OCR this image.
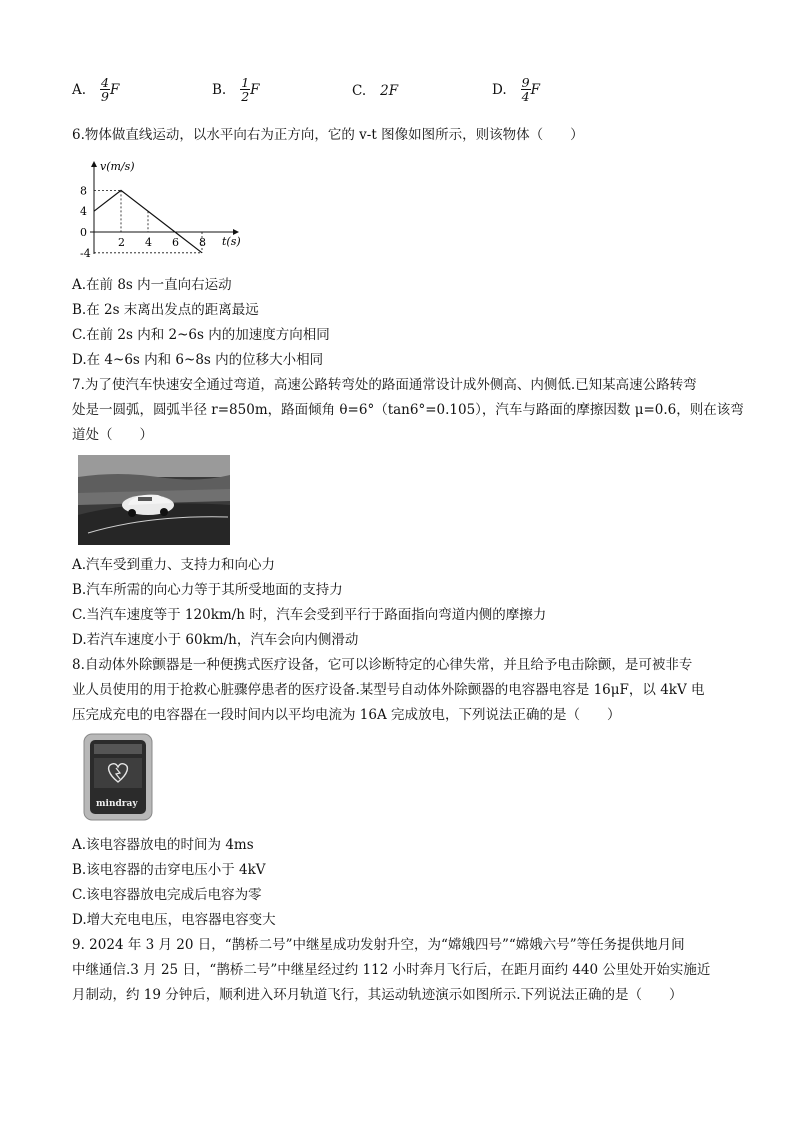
A. $\frac{4}{9}$ F	B. $\frac{1}{2}$ F	C. 2F	D. $\frac{9}{4}$ F
6.物体做直线运动，以水平向右为正方向，它的 v-t 图像如图所示，则该物体（　　）
v(m/s)
t(s)
-4
0
4
8
2 4 6 8
A.在前 8s 内一直向右运动
B.在 2s 末离出发点的距离最远
C.在前 2s 内和 2~6s 内的加速度方向相同
D.在 4~6s 内和 6~8s 内的位移大小相同
7.为了使汽车快速安全通过弯道，高速公路转弯处的路面通常设计成外侧高、内侧低.已知某高速公路转弯
处是一圆弧，圆弧半径 r=850m，路面倾角 θ=6°（tan6°=0.105），汽车与路面的摩擦因数 μ=0.6，则在该弯
道处（　　）
A.汽车受到重力、支持力和向心力
B.汽车所需的向心力等于其所受地面的支持力
C.当汽车速度等于 120km/h 时，汽车会受到平行于路面指向弯道内侧的摩擦力
D.若汽车速度小于 60km/h，汽车会向内侧滑动
8.自动体外除颤器是一种便携式医疗设备，它可以诊断特定的心律失常，并且给予电击除颤，是可被非专
业人员使用的用于抢救心脏骤停患者的医疗设备.某型号自动体外除颤器的电容器电容是 16μF，以 4kV 电
压完成充电的电容器在一段时间内以平均电流为 16A 完成放电，下列说法正确的是（　　）
mindray
A.该电容器放电的时间为 4ms
B.该电容器的击穿电压小于 4kV
C.该电容器放电完成后电容为零
D.增大充电电压，电容器电容变大
9. 2024 年 3 月 20 日，“鹊桥二号”中继星成功发射升空，为“嫦娥四号”“嫦娥六号”等任务提供地月间
中继通信.3 月 25 日，“鹊桥二号”中继星经过约 112 小时奔月飞行后，在距月面约 440 公里处开始实施近
月制动，约 19 分钟后，顺利进入环月轨道飞行，其运动轨迹演示如图所示.下列说法正确的是（　　）
